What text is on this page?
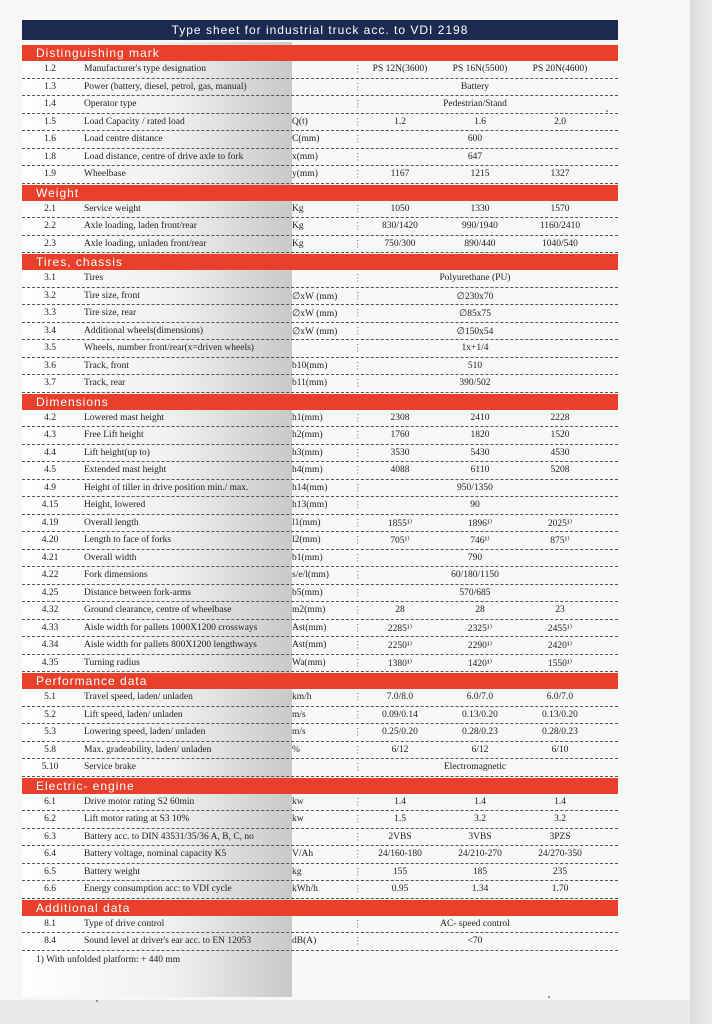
Type sheet for industrial truck acc. to VDI 2198
Distinguishing mark
1.2	Manufacturer's type designation	⋮	PS 12N(3600)	PS 16N(5500)	PS 20N(4600)
1.3	Power (battery, diesel, petrol, gas, manual)	⋮	Battery
1.4	Operator type	⋮	Pedestrian/Stand
1.5	Load Capacity / rated load	Q(t)	⋮	1.2	1.6	2.0
1.6	Load centre distance	C(mm)	⋮	600
1.8	Load distance, centre of drive axle to fork	x(mm)	⋮	647
1.9	Wheelbase	y(mm)	⋮	1167	1215	1327
Weight
2.1	Service weight	Kg	⋮	1050	1330	1570
2.2	Axle loading, laden front/rear	Kg	⋮	830/1420	990/1940	1160/2410
2.3	Axle loading, unladen front/rear	Kg	⋮	750/300	890/440	1040/540
Tires, chassis
3.1	Tires	⋮	Polyurethane (PU)
3.2	Tire size, front	∅xW (mm)	⋮	∅230x70
3.3	Tire size, rear	∅xW (mm)	⋮	∅85x75
3.4	Additional wheels(dimensions)	∅xW (mm)	⋮	∅150x54
3.5	Wheels, number front/rear(x=driven wheels)	⋮	1x+1/4
3.6	Track, front	b10(mm)	⋮	510
3.7	Track, rear	b11(mm)	⋮	390/502
Dimensions
4.2	Lowered mast height	h1(mm)	⋮	2308	2410	2228
4.3	Free Lift height	h2(mm)	⋮	1760	1820	1520
4.4	Lift height(up to)	h3(mm)	⋮	3530	5430	4530
4.5	Extended mast height	h4(mm)	⋮	4088	6110	5208
4.9	Height of tiller in drive position min./ max.	h14(mm)	⋮	950/1350
4.15	Height, lowered	h13(mm)	⋮	90
4.19	Overall length	l1(mm)	⋮	1855¹⁾	1896¹⁾	2025¹⁾
4.20	Length to face of forks	l2(mm)	⋮	705¹⁾	746¹⁾	875¹⁾
4.21	Overall width	b1(mm)	⋮	790
4.22	Fork dimensions	s/e/l(mm)	⋮	60/180/1150
4.25	Distance between fork-arms	b5(mm)	⋮	570/685
4.32	Ground clearance, centre of wheelbase	m2(mm)	⋮	28	28	23
4.33	Aisle width for pallets 1000X1200 crossways	Ast(mm)	⋮	2285¹⁾	2325¹⁾	2455¹⁾
4.34	Aisle width for pallets 800X1200 lengthways	Ast(mm)	⋮	2250¹⁾	2290¹⁾	2420¹⁾
4.35	Turning radius	Wa(mm)	⋮	1380¹⁾	1420¹⁾	1550¹⁾
Performance data
5.1	Travel speed, laden/ unladen	km/h	⋮	7.0/8.0	6.0/7.0	6.0/7.0
5.2	Lift speed, laden/ unladen	m/s	⋮	0.09/0.14	0.13/0.20	0.13/0.20
5.3	Lowering speed, laden/ unladen	m/s	⋮	0.25/0.20	0.28/0.23	0.28/0.23
5.8	Max. gradeability, laden/ unladen	%	⋮	6/12	6/12	6/10
5.10	Service brake	⋮	Electromagnetic
Electric- engine
6.1	Drive motor rating S2 60min	kw	⋮	1.4	1.4	1.4
6.2	Lift motor rating at S3 10%	kw	⋮	1.5	3.2	3.2
6.3	Battery acc. to DIN 43531/35/36 A, B, C, no	⋮	2VBS	3VBS	3PZS
6.4	Battery voltage, nominal capacity K5	V/Ah	⋮	24/160-180	24/210-270	24/270-350
6.5	Battery weight	kg	⋮	155	185	235
6.6	Energy consumption acc: to VDI cycle	kWh/h	⋮	0.95	1.34	1.70
Additional data
8.1	Type of drive control	⋮	AC- speed control
8.4	Sound level at driver's ear acc. to EN 12053	dB(A)	⋮	<70
1) With unfolded platform: + 440 mm
